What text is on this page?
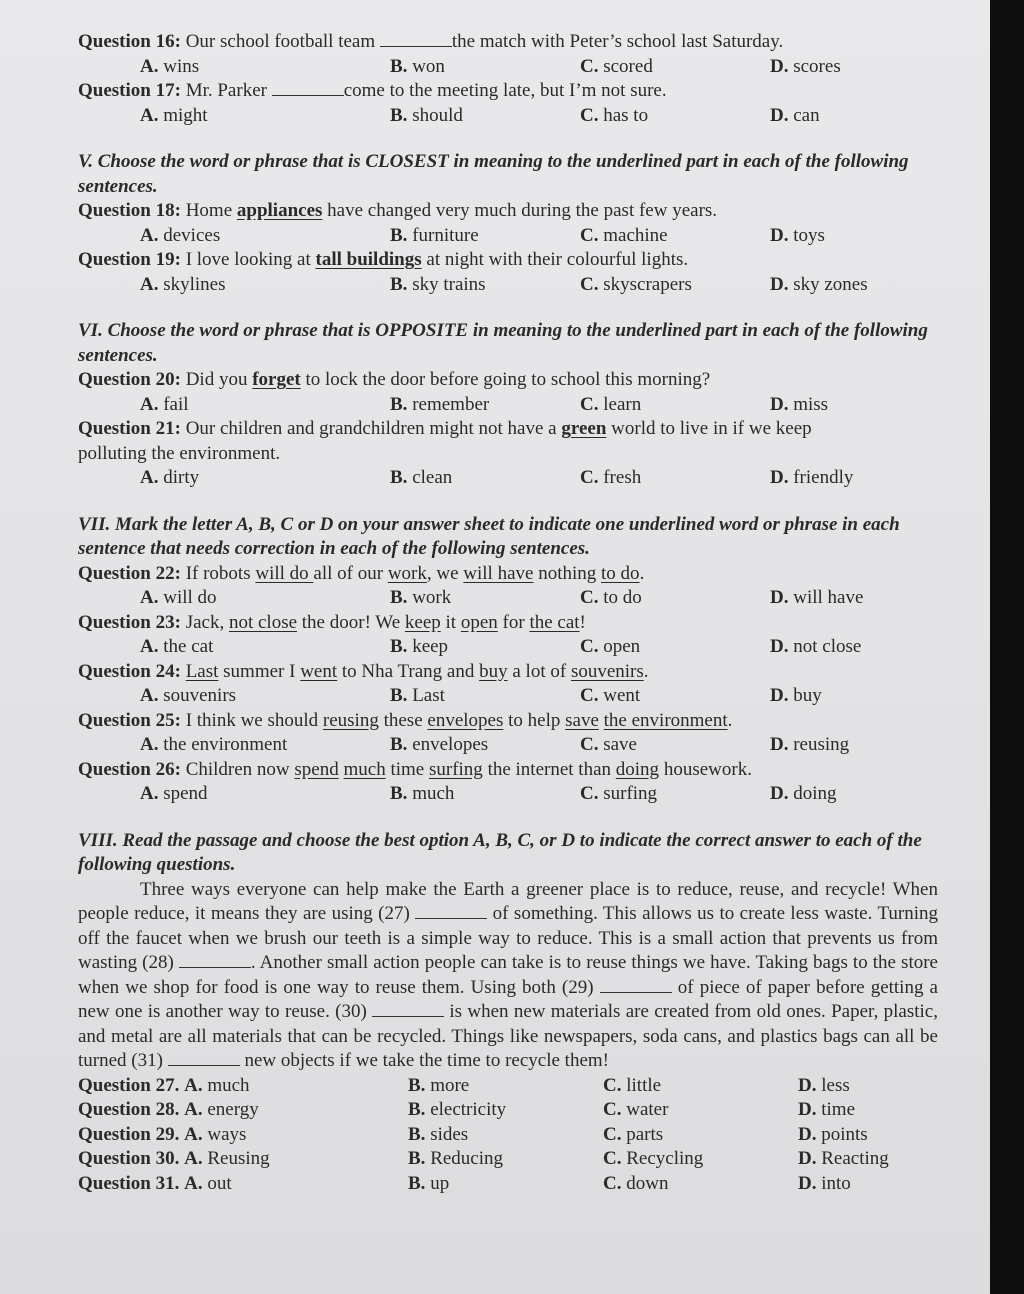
Question 16: Our school football team	the match with Peter’s school last Saturday.

A. wins	B. won	C. scored	D. scores

Question 17: Mr. Parker	come to the meeting late, but I’m not sure.

A. might	B. should	C. has to	D. can

V. Choose the word or phrase that is CLOSEST in meaning to the underlined part in each of the following sentences.

Question 18: Home appliances have changed very much during the past few years.

A. devices	B. furniture	C. machine	D. toys

Question 19: I love looking at tall buildings at night with their colourful lights.

A. skylines	B. sky trains	C. skyscrapers	D. sky zones

VI. Choose the word or phrase that is OPPOSITE in meaning to the underlined part in each of the following sentences.

Question 20: Did you forget to lock the door before going to school this morning?

A. fail	B. remember	C. learn	D. miss

Question 21: Our children and grandchildren might not have a green world to live in if we keep

polluting the environment.

A. dirty	B. clean	C. fresh	D. friendly

VII. Mark the letter A, B, C or D on your answer sheet to indicate one underlined word or phrase in each sentence that needs correction in each of the following sentences.

Question 22: If robots will do all of our work, we will have nothing to do.

A. will do	B. work	C. to do	D. will have

Question 23: Jack, not close the door! We keep it open for the cat!

A. the cat	B. keep	C. open	D. not close

Question 24: Last summer I went to Nha Trang and buy a lot of souvenirs.

A. souvenirs	B. Last	C. went	D. buy

Question 25: I think we should reusing these envelopes to help save the environment.

A. the environment	B. envelopes	C. save	D. reusing

Question 26: Children now spend much time surfing the internet than doing housework.

A. spend	B. much	C. surfing	D. doing

VIII. Read the passage and choose the best option A, B, C, or D to indicate the correct answer to each of the following questions.

Three ways everyone can help make the Earth a greener place is to reduce, reuse, and recycle! When people reduce, it means they are using (27)	of something. This allows us to create less waste. Turning off the faucet when we brush our teeth is a simple way to reduce. This is a small action that prevents us from wasting (28)	. Another small action people can take is to reuse things we have. Taking bags to the store when we shop for food is one way to reuse them. Using both (29)	of piece of paper before getting a new one is another way to reuse. (30)	is when new materials are created from old ones. Paper, plastic, and metal are all materials that can be recycled. Things like newspapers, soda cans, and plastics bags can all be turned (31)	new objects if we take the time to recycle them!

Question 27. A. much	B. more	C. little	D. less
Question 28. A. energy	B. electricity	C. water	D. time
Question 29. A. ways	B. sides	C. parts	D. points
Question 30. A. Reusing	B. Reducing	C. Recycling	D. Reacting
Question 31. A. out	B. up	C. down	D. into
